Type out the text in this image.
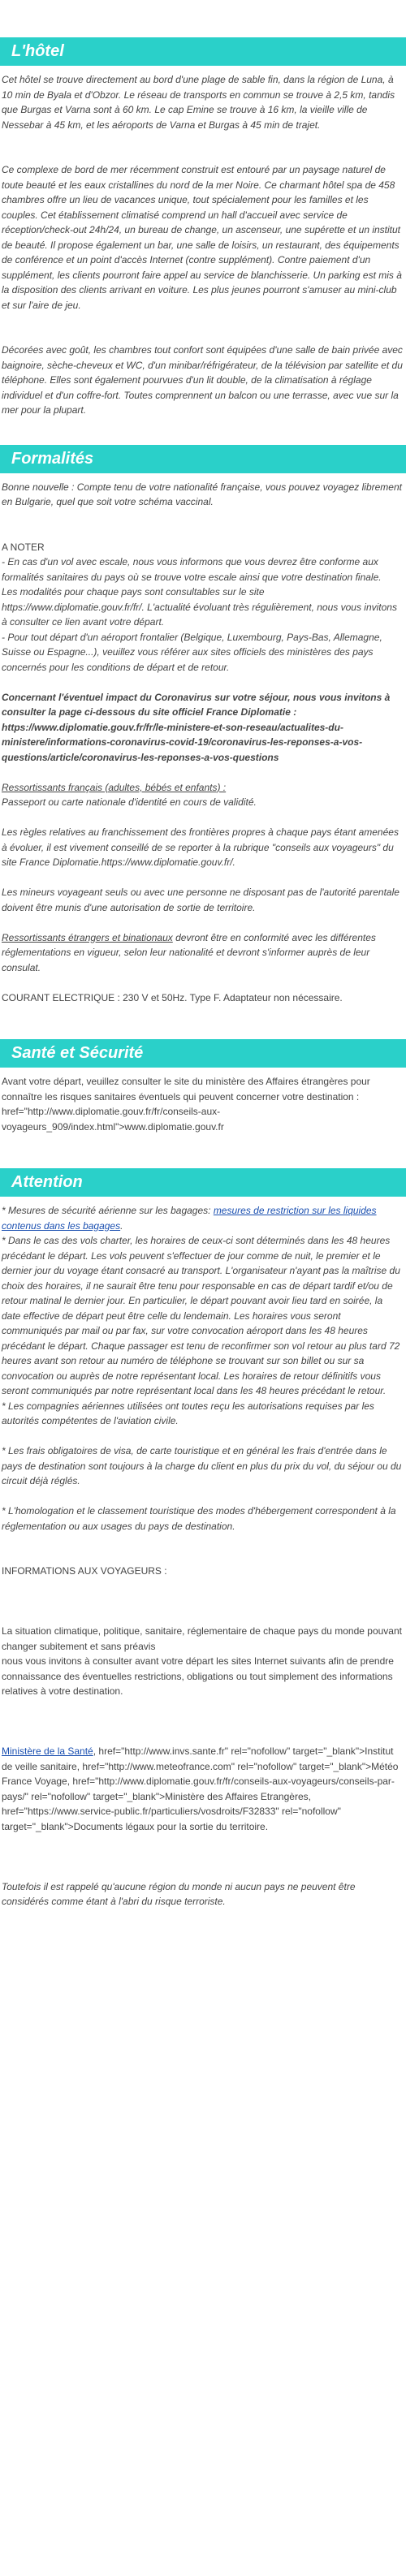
L'hôtel

Cet hôtel se trouve directement au bord d'une plage de sable fin, dans la région de Luna, à 10 min de Byala et d'Obzor. Le réseau de transports en commun se trouve à 2,5 km, tandis que Burgas et Varna sont à 60 km. Le cap Emine se trouve à 16 km, la vieille ville de Nessebar à 45 km, et les aéroports de Varna et Burgas à 45 min de trajet.

Ce complexe de bord de mer récemment construit est entouré par un paysage naturel de toute beauté et les eaux cristallines du nord de la mer Noire. Ce charmant hôtel spa de 458 chambres offre un lieu de vacances unique, tout spécialement pour les familles et les couples. Cet établissement climatisé comprend un hall d'accueil avec service de réception/check-out 24h/24, un bureau de change, un ascenseur, une supérette et un institut de beauté. Il propose également un bar, une salle de loisirs, un restaurant, des équipements de conférence et un point d'accès Internet (contre supplément). Contre paiement d'un supplément, les clients pourront faire appel au service de blanchisserie. Un parking est mis à la disposition des clients arrivant en voiture. Les plus jeunes pourront s'amuser au mini-club et sur l'aire de jeu.

Décorées avec goût, les chambres tout confort sont équipées d'une salle de bain privée avec baignoire, sèche-cheveux et WC, d'un minibar/réfrigérateur, de la télévision par satellite et du téléphone. Elles sont également pourvues d'un lit double, de la climatisation à réglage individuel et d'un coffre-fort. Toutes comprennent un balcon ou une terrasse, avec vue sur la mer pour la plupart.

Formalités

Bonne nouvelle : Compte tenu de votre nationalité française, vous pouvez voyagez librement en Bulgarie, quel que soit votre schéma vaccinal.

A NOTER

- En cas d'un vol avec escale, nous vous informons que vous devrez être conforme aux formalités sanitaires du pays où se trouve votre escale ainsi que votre destination finale.

Les modalités pour chaque pays sont consultables sur le site https://www.diplomatie.gouv.fr/fr/. L'actualité évoluant très régulièrement, nous vous invitons à consulter ce lien avant votre départ.

- Pour tout départ d'un aéroport frontalier (Belgique, Luxembourg, Pays-Bas, Allemagne, Suisse ou Espagne...), veuillez vous référer aux sites officiels des ministères des pays concernés pour les conditions de départ et de retour.

Concernant l'éventuel impact du Coronavirus sur votre séjour, nous vous invitons à consulter la page ci-dessous du site officiel France Diplomatie : https://www.diplomatie.gouv.fr/fr/le-ministere-et-son-reseau/actualites-du-ministere/informations-coronavirus-covid-19/coronavirus-les-reponses-a-vos-questions/article/coronavirus-les-reponses-a-vos-questions

Ressortissants français (adultes, bébés et enfants) :

Passeport ou carte nationale d'identité en cours de validité.

Les règles relatives au franchissement des frontières propres à chaque pays étant amenées à évoluer, il est vivement conseillé de se reporter à la rubrique "conseils aux voyageurs" du site France Diplomatie.https://www.diplomatie.gouv.fr/.

Les mineurs voyageant seuls ou avec une personne ne disposant pas de l'autorité parentale doivent être munis d'une autorisation de sortie de territoire.

Ressortissants étrangers et binationaux devront être en conformité avec les différentes réglementations en vigueur, selon leur nationalité et devront s'informer auprès de leur consulat.

COURANT ELECTRIQUE : 230 V et 50Hz. Type F. Adaptateur non nécessaire.

Santé et Sécurité

Avant votre départ, veuillez consulter le site du ministère des Affaires étrangères pour connaître les risques sanitaires éventuels qui peuvent concerner votre destination : href="http://www.diplomatie.gouv.fr/fr/conseils-aux-voyageurs_909/index.html">www.diplomatie.gouv.fr

Attention

* Mesures de sécurité aérienne sur les bagages: mesures de restriction sur les liquides contenus dans les bagages.

* Dans le cas des vols charter, les horaires de ceux-ci sont déterminés dans les 48 heures précédant le départ. Les vols peuvent s'effectuer de jour comme de nuit, le premier et le dernier jour du voyage étant consacré au transport. L'organisateur n'ayant pas la maîtrise du choix des horaires, il ne saurait être tenu pour responsable en cas de départ tardif et/ou de retour matinal le dernier jour. En particulier, le départ pouvant avoir lieu tard en soirée, la date effective de départ peut être celle du lendemain. Les horaires vous seront communiqués par mail ou par fax, sur votre convocation aéroport dans les 48 heures précédant le départ. Chaque passager est tenu de reconfirmer son vol retour au plus tard 72 heures avant son retour au numéro de téléphone se trouvant sur son billet ou sur sa convocation ou auprès de notre représentant local. Les horaires de retour définitifs vous seront communiqués par notre représentant local dans les 48 heures précédant le retour.

* Les compagnies aériennes utilisées ont toutes reçu les autorisations requises par les autorités compétentes de l'aviation civile.

* Les frais obligatoires de visa, de carte touristique et en général les frais d'entrée dans le pays de destination sont toujours à la charge du client en plus du prix du vol, du séjour ou du circuit déjà réglés.

* L'homologation et le classement touristique des modes d'hébergement correspondent à la réglementation ou aux usages du pays de destination.

INFORMATIONS AUX VOYAGEURS :

La situation climatique, politique, sanitaire, réglementaire de chaque pays du monde pouvant changer subitement et sans préavis

nous vous invitons à consulter avant votre départ les sites Internet suivants afin de prendre connaissance des éventuelles restrictions, obligations ou tout simplement des informations relatives à votre destination.

Ministère de la Santé, href="http://www.invs.sante.fr" rel="nofollow" target="_blank">Institut de veille sanitaire, href="http://www.meteofrance.com" rel="nofollow" target="_blank">Météo France Voyage, href="http://www.diplomatie.gouv.fr/fr/conseils-aux-voyageurs/conseils-par-pays/" rel="nofollow" target="_blank">Ministère des Affaires Etrangères, href="https://www.service-public.fr/particuliers/vosdroits/F32833" rel="nofollow" target="_blank">Documents légaux pour la sortie du territoire.

Toutefois il est rappelé qu'aucune région du monde ni aucun pays ne peuvent être considérés comme étant à l'abri du risque terroriste.
